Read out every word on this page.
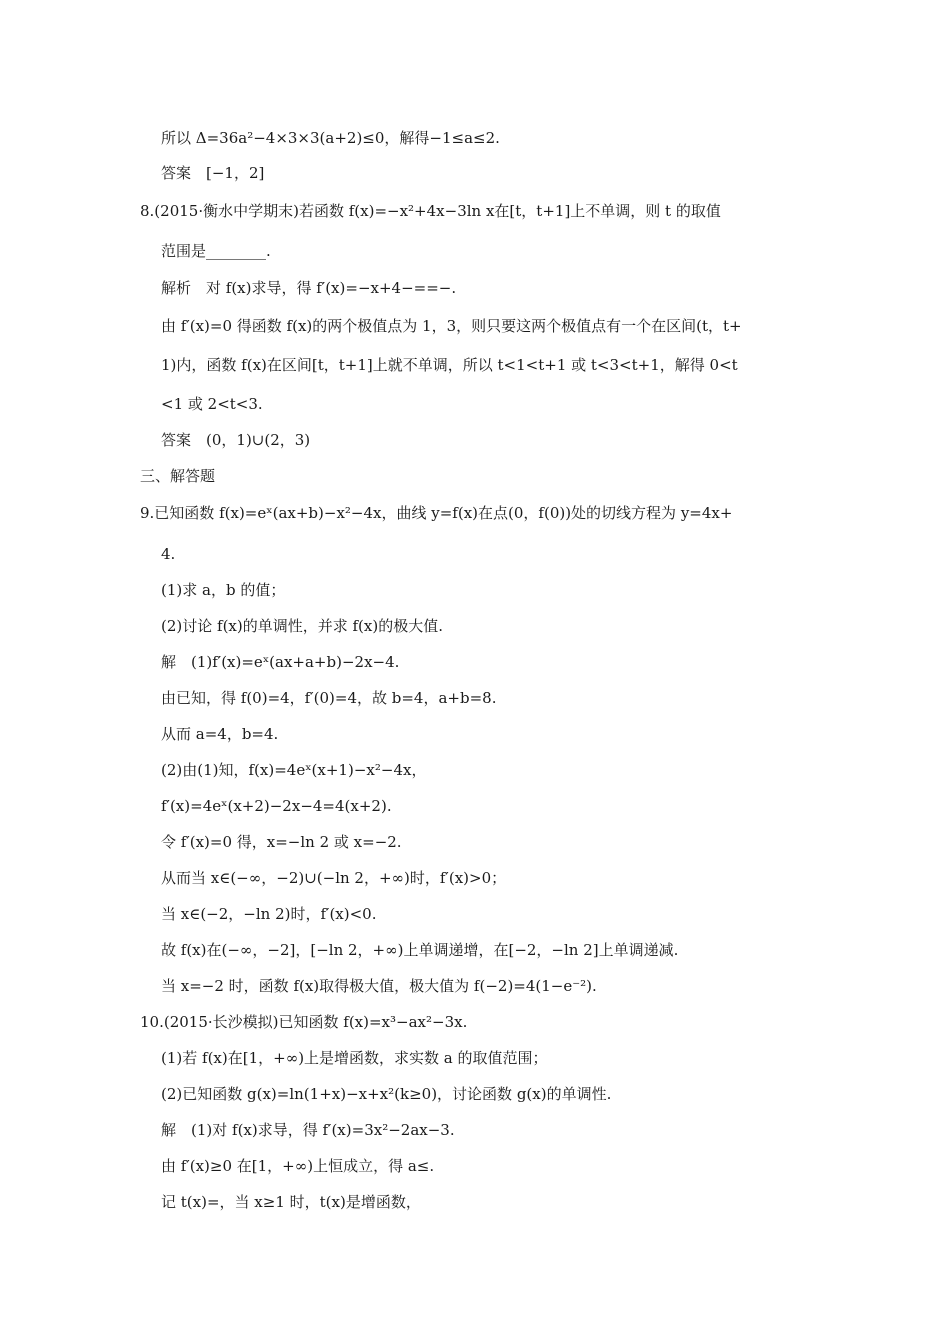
所以 Δ=36a²−4×3×3(a+2)≤0，解得−1≤a≤2.
答案　[−1，2]
8.(2015·衡水中学期末)若函数 f(x)=−x²+4x−3ln x在[t，t+1]上不单调，则 t 的取值
范围是________.
解析　对 f(x)求导，得 f′(x)=−x+4−==−.
由 f′(x)=0 得函数 f(x)的两个极值点为 1，3，则只要这两个极值点有一个在区间(t，t+
1)内，函数 f(x)在区间[t，t+1]上就不单调，所以 t<1<t+1 或 t<3<t+1，解得 0<t
<1 或 2<t<3.
答案　(0，1)∪(2，3)
三、解答题
9.已知函数 f(x)=eˣ(ax+b)−x²−4x，曲线 y=f(x)在点(0，f(0))处的切线方程为 y=4x+
4.
(1)求 a，b 的值；
(2)讨论 f(x)的单调性，并求 f(x)的极大值.
解　(1)f′(x)=eˣ(ax+a+b)−2x−4.
由已知，得 f(0)=4，f′(0)=4，故 b=4，a+b=8.
从而 a=4，b=4.
(2)由(1)知，f(x)=4eˣ(x+1)−x²−4x，
f′(x)=4eˣ(x+2)−2x−4=4(x+2).
令 f′(x)=0 得，x=−ln 2 或 x=−2.
从而当 x∈(−∞，−2)∪(−ln 2，+∞)时，f′(x)>0；
当 x∈(−2，−ln 2)时，f′(x)<0.
故 f(x)在(−∞，−2]，[−ln 2，+∞)上单调递增，在[−2，−ln 2]上单调递减.
当 x=−2 时，函数 f(x)取得极大值，极大值为 f(−2)=4(1−e⁻²).
10.(2015·长沙模拟)已知函数 f(x)=x³−ax²−3x.
(1)若 f(x)在[1，+∞)上是增函数，求实数 a 的取值范围；
(2)已知函数 g(x)=ln(1+x)−x+x²(k≥0)，讨论函数 g(x)的单调性.
解　(1)对 f(x)求导，得 f′(x)=3x²−2ax−3.
由 f′(x)≥0 在[1，+∞)上恒成立，得 a≤.
记 t(x)=，当 x≥1 时，t(x)是增函数，
